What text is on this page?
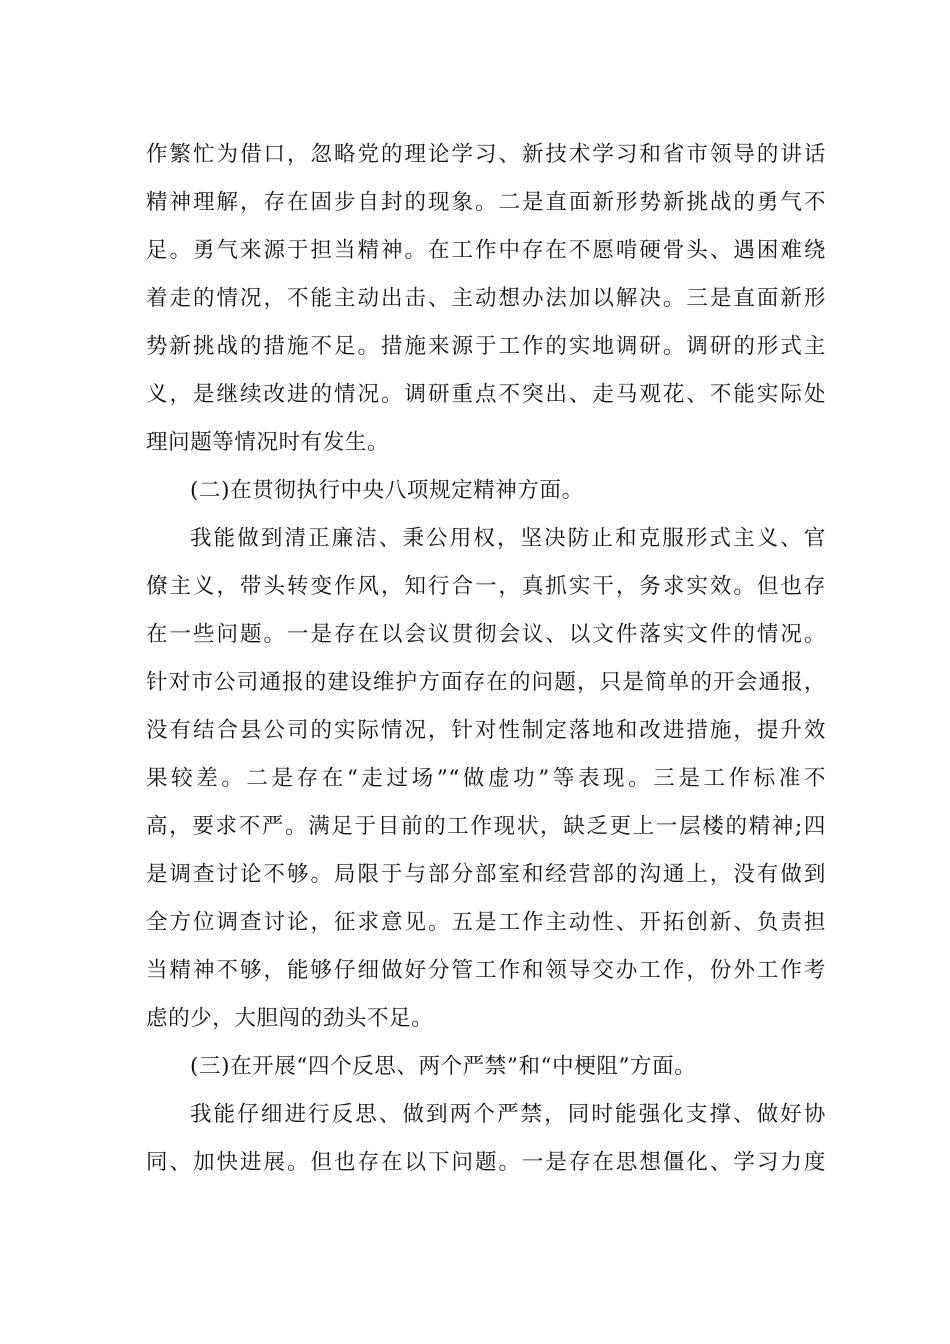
作繁忙为借口，忽略党的理论学习、新技术学习和省市领导的讲话
精神理解，存在固步自封的现象。二是直面新形势新挑战的勇气不
足。勇气来源于担当精神。在工作中存在不愿啃硬骨头、遇困难绕
着走的情况，不能主动出击、主动想办法加以解决。三是直面新形
势新挑战的措施不足。措施来源于工作的实地调研。调研的形式主
义，是继续改进的情况。调研重点不突出、走马观花、不能实际处
理问题等情况时有发生。
(二)在贯彻执行中央八项规定精神方面。
我能做到清正廉洁、秉公用权，坚决防止和克服形式主义、官
僚主义，带头转变作风，知行合一，真抓实干，务求实效。但也存
在一些问题。一是存在以会议贯彻会议、以文件落实文件的情况。
针对市公司通报的建设维护方面存在的问题，只是简单的开会通报，
没有结合县公司的实际情况，针对性制定落地和改进措施，提升效
果较差。二是存在“走过场”“做虚功”等表现。三是工作标准不
高，要求不严。满足于目前的工作现状，缺乏更上一层楼的精神;四
是调查讨论不够。局限于与部分部室和经营部的沟通上，没有做到
全方位调查讨论，征求意见。五是工作主动性、开拓创新、负责担
当精神不够，能够仔细做好分管工作和领导交办工作，份外工作考
虑的少，大胆闯的劲头不足。
(三)在开展“四个反思、两个严禁”和“中梗阻”方面。
我能仔细进行反思、做到两个严禁，同时能强化支撑、做好协
同、加快进展。但也存在以下问题。一是存在思想僵化、学习力度
